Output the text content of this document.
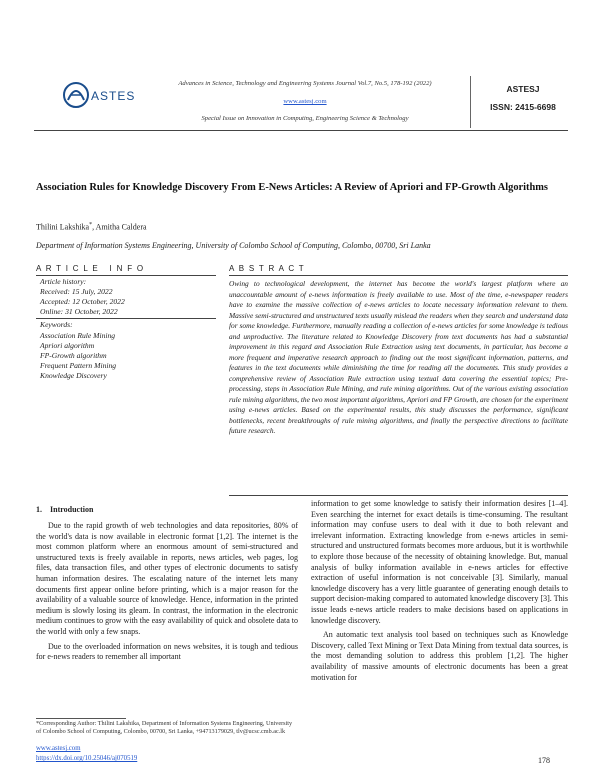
ASTES
Advances in Science, Technology and Engineering Systems Journal Vol.7, No.5, 178-192 (2022)
www.astesj.com
Special Issue on Innovation in Computing, Engineering Science & Technology
ASTESJ
ISSN: 2415-6698
Association Rules for Knowledge Discovery From E-News Articles: A Review of Apriori and FP-Growth Algorithms
Thilini Lakshika*, Amitha Caldera
Department of Information Systems Engineering, University of Colombo School of Computing, Colombo, 00700, Sri Lanka
A R T I C L E   I N F O
Article history:
Received: 15 July, 2022
Accepted: 12 October, 2022
Online: 31 October, 2022
Keywords:
Association Rule Mining
Apriori algorithm
FP-Growth algorithm
Frequent Pattern Mining
Knowledge Discovery
A B S T R A C T
Owing to technological development, the internet has become the world's largest platform where an unaccountable amount of e-news information is freely available to use. Most of the time, e-newspaper readers have to examine the massive collection of e-news articles to locate necessary information relevant to them. Massive semi-structured and unstructured texts usually mislead the readers when they search and understand data for some knowledge. Furthermore, manually reading a collection of e-news articles for some knowledge is tedious and unproductive. The literature related to Knowledge Discovery from text documents has had a substantial improvement in this regard and Association Rule Extraction using text documents, in particular, has become a more frequent and imperative research approach to finding out the most significant information, patterns, and features in the text documents while diminishing the time for reading all the documents. This study provides a comprehensive review of Association Rule extraction using textual data covering the essential topics; Pre-processing, steps in Association Rule Mining, and rule mining algorithms. Out of the various existing association rule mining algorithms, the two most important algorithms, Apriori and FP Growth, are chosen for the experiment using e-news articles. Based on the experimental results, this study discusses the performance, significant bottlenecks, recent breakthroughs of rule mining algorithms, and finally the perspective directions to facilitate future research.
1.    Introduction

Due to the rapid growth of web technologies and data repositories, 80% of the world's data is now available in electronic format [1,2]. The internet is the most common platform where an enormous amount of semi-structured and unstructured texts is freely available in reports, news articles, web pages, log files, data transaction files, and other types of electronic documents to satisfy human information desires. The escalating nature of the internet lets many documents first appear online before printing, which is a major reason for the availability of a valuable source of knowledge. Hence, information in the printed medium is slowly losing its gleam. In contrast, the information in the electronic medium continues to grow with the easy availability of quick and obsolete data to the world with only a few snaps.

Due to the overloaded information on news websites, it is tough and tedious for e-news readers to remember all important

information to get some knowledge to satisfy their information desires [1–4]. Even searching the internet for exact details is time-consuming. The resultant information may confuse users to deal with it due to both relevant and irrelevant information. Extracting knowledge from e-news articles in semi-structured and unstructured formats becomes more arduous, but it is worthwhile to explore those because of the necessity of obtaining knowledge. But, manual analysis of bulky information available in e-news articles for effective extraction of useful information is not conceivable [3]. Similarly, manual knowledge discovery has a very little guarantee of generating enough details to support decision-making compared to automated knowledge discovery [3]. This issue leads e-news article readers to make decisions based on applications in knowledge discovery.

An automatic text analysis tool based on techniques such as Knowledge Discovery, called Text Mining or Text Data Mining from textual data sources, is the most demanding solution to address this problem [1,2]. The higher availability of massive amounts of electronic documents has been a great motivation for

*Corresponding Author: Thilini Lakshika, Department of Information Systems Engineering, University of Colombo School of Computing, Colombo, 00700, Sri Lanka, +94713179029, tlv@ucsc.cmb.ac.lk
www.astesj.com
https://dx.doi.org/10.25046/aj070519	178
